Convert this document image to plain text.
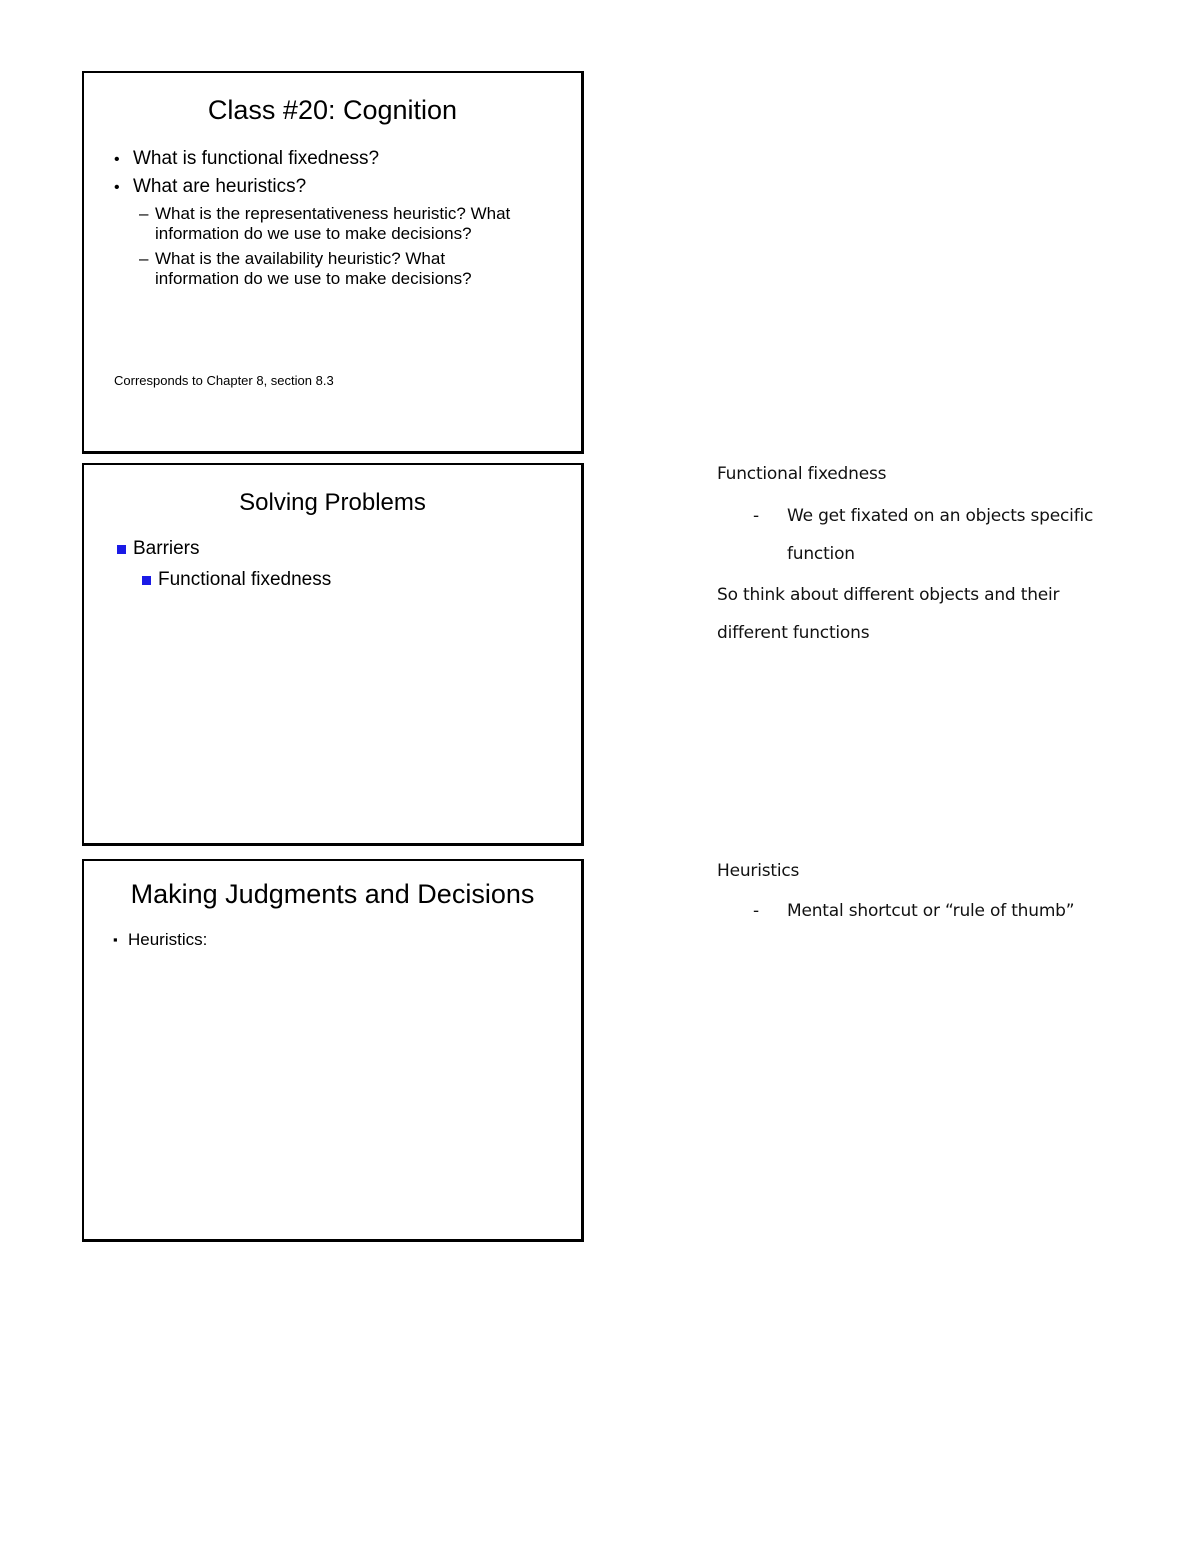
Class #20: Cognition
• What is functional fixedness?
• What are heuristics?
– What is the representativeness heuristic? What
information do we use to make decisions?
– What is the availability heuristic? What
information do we use to make decisions?
Corresponds to Chapter 8, section 8.3
Solving Problems
Barriers
Functional fixedness
Making Judgments and Decisions
▪ Heuristics:
Functional fixedness
- We get fixated on an objects specific
function
So think about different objects and their
different functions
Heuristics
- Mental shortcut or “rule of thumb”
